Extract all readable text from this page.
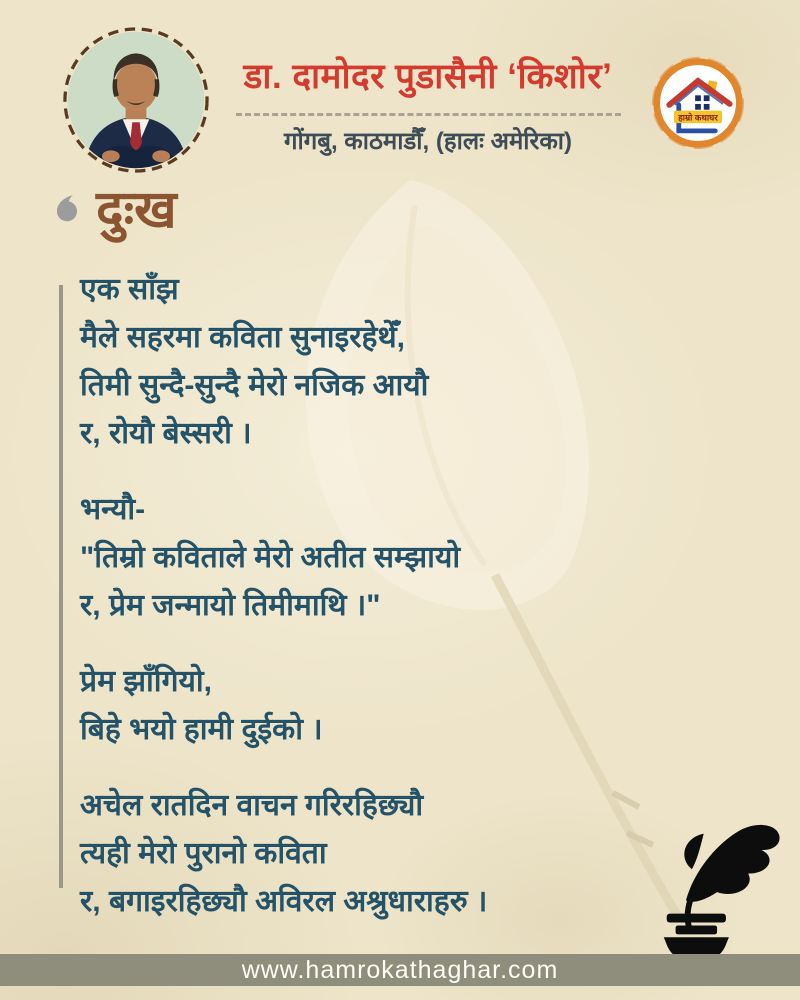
डा. दामोदर पुडासैनी ‘किशोर’
गोंगबु, काठमाडौँ, (हालः अमेरिका)
हाम्रो कथाघर
दुःख
एक साँझ
मैले सहरमा कविता सुनाइरहेथेँ,
तिमी सुन्दै-सुन्दै मेरो नजिक आयौ
र, रोयौ बेस्सरी ।
भन्यौ-
"तिम्रो कविताले मेरो अतीत सम्झायो
र, प्रेम जन्मायो तिमीमाथि ।"
प्रेम झाँगियो,
बिहे भयो हामी दुईको ।
अचेल रातदिन वाचन गरिरहिछ्यौ
त्यही मेरो पुरानो कविता
र, बगाइरहिछ्यौ अविरल अश्रुधाराहरु ।
www.hamrokathaghar.com
